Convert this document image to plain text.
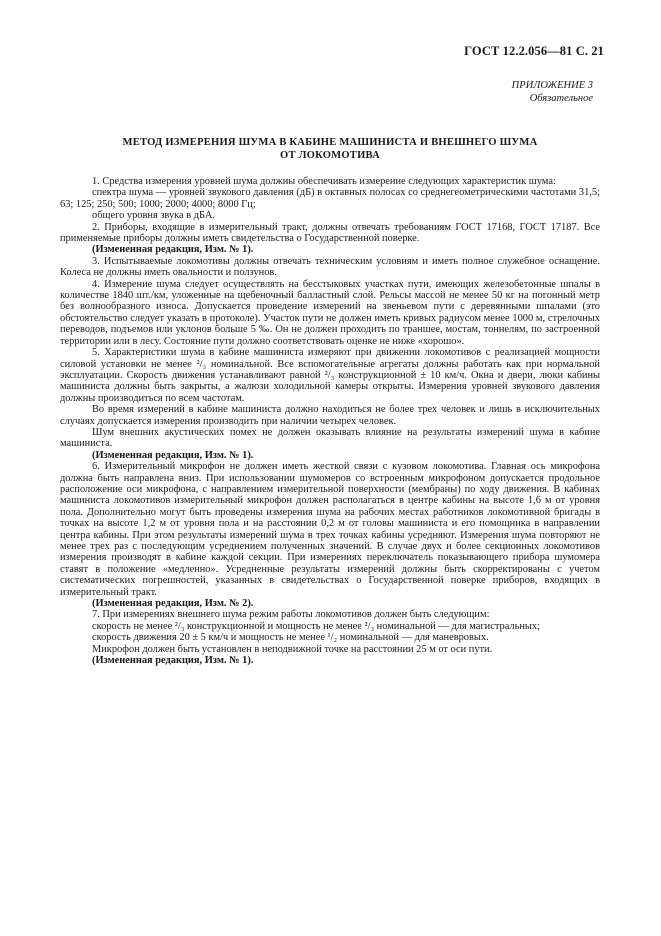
ГОСТ 12.2.056—81 С. 21
ПРИЛОЖЕНИЕ 3
Обязательное
МЕТОД ИЗМЕРЕНИЯ ШУМА В КАБИНЕ МАШИНИСТА И ВНЕШНЕГО ШУМА
ОТ ЛОКОМОТИВА

1. Средства измерения уровней шума должны обеспечивать измерение следующих характеристик шума:

спектра шума — уровней звукового давления (дБ) в октавных полосах со среднегеометрическими частотами 31,5; 63; 125; 250; 500; 1000; 2000; 4000; 8000 Гц;

общего уровня звука в дБА.

2. Приборы, входящие в измерительный тракт, должны отвечать требованиям ГОСТ 17168, ГОСТ 17187. Все применяемые приборы должны иметь свидетельства о Государственной поверке.

(Измененная редакция, Изм. № 1).

3. Испытываемые локомотивы должны отвечать техническим условиям и иметь полное служебное оснащение. Колеса не должны иметь овальности и ползунов.

4. Измерение шума следует осуществлять на бесстыковых участках пути, имеющих железобетонные шпалы в количестве 1840 шт./км, уложенные на щебеночный балластный слой. Рельсы массой не менее 50 кг на погонный метр без волнообразного износа. Допускается проведение измерений на звеньевом пути с деревянными шпалами (это обстоятельство следует указать в протоколе). Участок пути не должен иметь кривых радиусом менее 1000 м, стрелочных переводов, подъемов или уклонов больше 5 ‰. Он не должен проходить по траншее, мостам, тоннелям, по застроенной территории или в лесу. Состояние пути должно соответствовать оценке не ниже «хорошо».

5. Характеристики шума в кабине машиниста измеряют при движении локомотивов с реализацией мощности силовой установки не менее ²/₃ номинальной. Все вспомогательные агрегаты должны работать как при нормальной эксплуатации. Скорость движения устанавливают равной ²/₃ конструкционной ± 10 км/ч. Окна и двери, люки кабины машиниста должны быть закрыты, а жалюзи холодильной камеры открыты. Измерения уровней звукового давления должны производиться по всем частотам.

Во время измерений в кабине машиниста должно находиться не более трех человек и лишь в исключительных случаях допускается измерения производить при наличии четырех человек.

Шум внешних акустических помех не должен оказывать влияние на результаты измерений шума в кабине машиниста.

(Измененная редакция, Изм. № 1).

6. Измерительный микрофон не должен иметь жесткой связи с кузовом локомотива. Главная ось микрофона должна быть направлена вниз. При использовании шумомеров со встроенным микрофоном допускается продольное расположение оси микрофона, с направлением измерительной поверхности (мембраны) по ходу движения. В кабинах машиниста локомотивов измерительный микрофон должен располагаться в центре кабины на высоте 1,6 м от уровня пола. Дополнительно могут быть проведены измерения шума на рабочих местах работников локомотивной бригады в точках на высоте 1,2 м от уровня пола и на расстоянии 0,2 м от головы машиниста и его помощника в направлении центра кабины. При этом результаты измерений шума в трех точках кабины усредняют. Измерения шума повторяют не менее трех раз с последующим усреднением полученных значений. В случае двух и более секционных локомотивов измерения производят в кабине каждой секции. При измерениях переключатель показывающего прибора шумомера ставят в положение «медленно». Усредненные результаты измерений должны быть скорректированы с учетом систематических погрешностей, указанных в свидетельствах о Государственной поверке приборов, входящих в измерительный тракт.

(Измененная редакция, Изм. № 2).

7. При измерениях внешнего шума режим работы локомотивов должен быть следующим:

скорость не менее ²/₃ конструкционной и мощность не менее ²/₃ номинальной — для магистральных;

скорость движения 20 ± 5 км/ч и мощность не менее ¹/₂ номинальной — для маневровых.

Микрофон должен быть установлен в неподвижной точке на расстоянии 25 м от оси пути.

(Измененная редакция, Изм. № 1).
